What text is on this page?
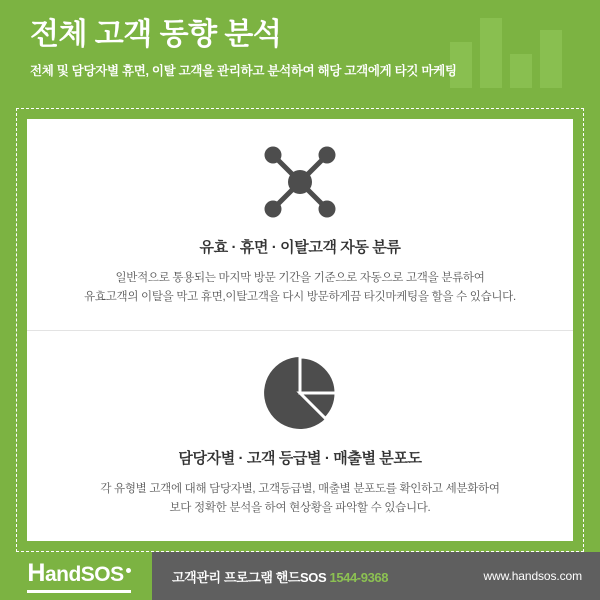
전체 고객 동향 분석

전체 및 담당자별 휴면, 이탈 고객을 관리하고 분석하여 해당 고객에게 타깃 마케팅

유효 · 휴면 · 이탈고객 자동 분류
일반적으로 통용되는 마지막 방문 기간을 기준으로 자동으로 고객을 분류하여
유효고객의 이탈을 막고 휴면,이탈고객을 다시 방문하게끔 타깃마케팅을 할을 수 있습니다.
담당자별 · 고객 등급별 · 매출별 분포도
각 유형별 고객에 대해 담당자별, 고객등급별, 매출별 분포도를 확인하고 세분화하여
보다 정확한 분석을 하여 현상황을 파악할 수 있습니다.
HandSOS	고객관리 프로그램 핸드SOS 1544-9368	www.handsos.com
